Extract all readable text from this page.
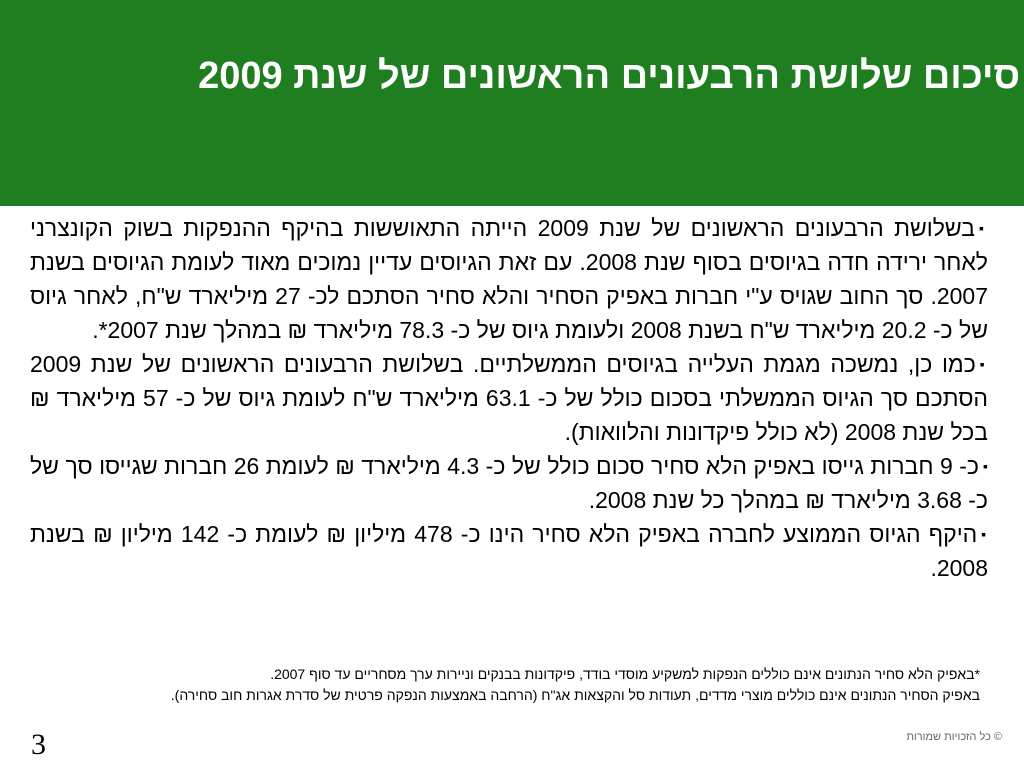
סיכום שלושת הרבעונים הראשונים של שנת 2009

▪בשלושת הרבעונים הראשונים של שנת 2009 הייתה התאוששות בהיקף ההנפקות בשוק הקונצרני לאחר ירידה חדה בגיוסים בסוף שנת 2008. עם זאת הגיוסים עדיין נמוכים מאוד לעומת הגיוסים בשנת 2007. סך החוב שגויס ע"י חברות באפיק הסחיר והלא סחיר הסתכם לכ- 27 מיליארד ש"ח, לאחר גיוס של כ- 20.2 מיליארד ש"ח בשנת 2008 ולעומת גיוס של כ- 78.3 מיליארד ₪ במהלך שנת 2007*.

▪כמו כן, נמשכה מגמת העלייה בגיוסים הממשלתיים. בשלושת הרבעונים הראשונים של שנת 2009 הסתכם סך הגיוס הממשלתי בסכום כולל של כ- 63.1 מיליארד ש"ח לעומת גיוס של כ- 57 מיליארד ₪ בכל שנת 2008 (לא כולל פיקדונות והלוואות).

▪כ- 9 חברות גייסו באפיק הלא סחיר סכום כולל של כ- 4.3 מיליארד ₪ לעומת 26 חברות שגייסו סך של כ- 3.68 מיליארד ₪ במהלך כל שנת 2008.

▪היקף הגיוס הממוצע לחברה באפיק הלא סחיר הינו כ- 478 מיליון ₪ לעומת כ- 142 מיליון ₪ בשנת 2008.

*באפיק הלא סחיר הנתונים אינם כוללים הנפקות למשקיע מוסדי בודד, פיקדונות בבנקים וניירות ערך מסחריים עד סוף 2007.

באפיק הסחיר הנתונים אינם כוללים מוצרי מדדים, תעודות סל והקצאות אג"ח (הרחבה באמצעות הנפקה פרטית של סדרת אגרות חוב סחירה).

3	© כל הזכויות שמורות
